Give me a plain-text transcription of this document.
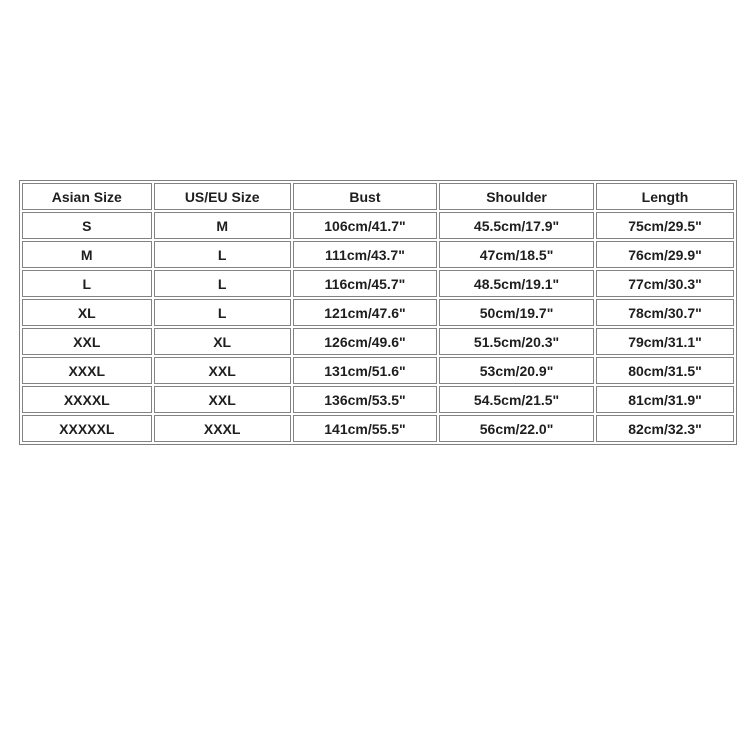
Asian Size	US/EU Size	Bust	Shoulder	Length
S	M	106cm/41.7"	45.5cm/17.9"	75cm/29.5"
M	L	111cm/43.7"	47cm/18.5"	76cm/29.9"
L	L	116cm/45.7"	48.5cm/19.1"	77cm/30.3"
XL	L	121cm/47.6"	50cm/19.7"	78cm/30.7"
XXL	XL	126cm/49.6"	51.5cm/20.3"	79cm/31.1"
XXXL	XXL	131cm/51.6"	53cm/20.9"	80cm/31.5"
XXXXL	XXL	136cm/53.5"	54.5cm/21.5"	81cm/31.9"
XXXXXL	XXXL	141cm/55.5"	56cm/22.0"	82cm/32.3"
